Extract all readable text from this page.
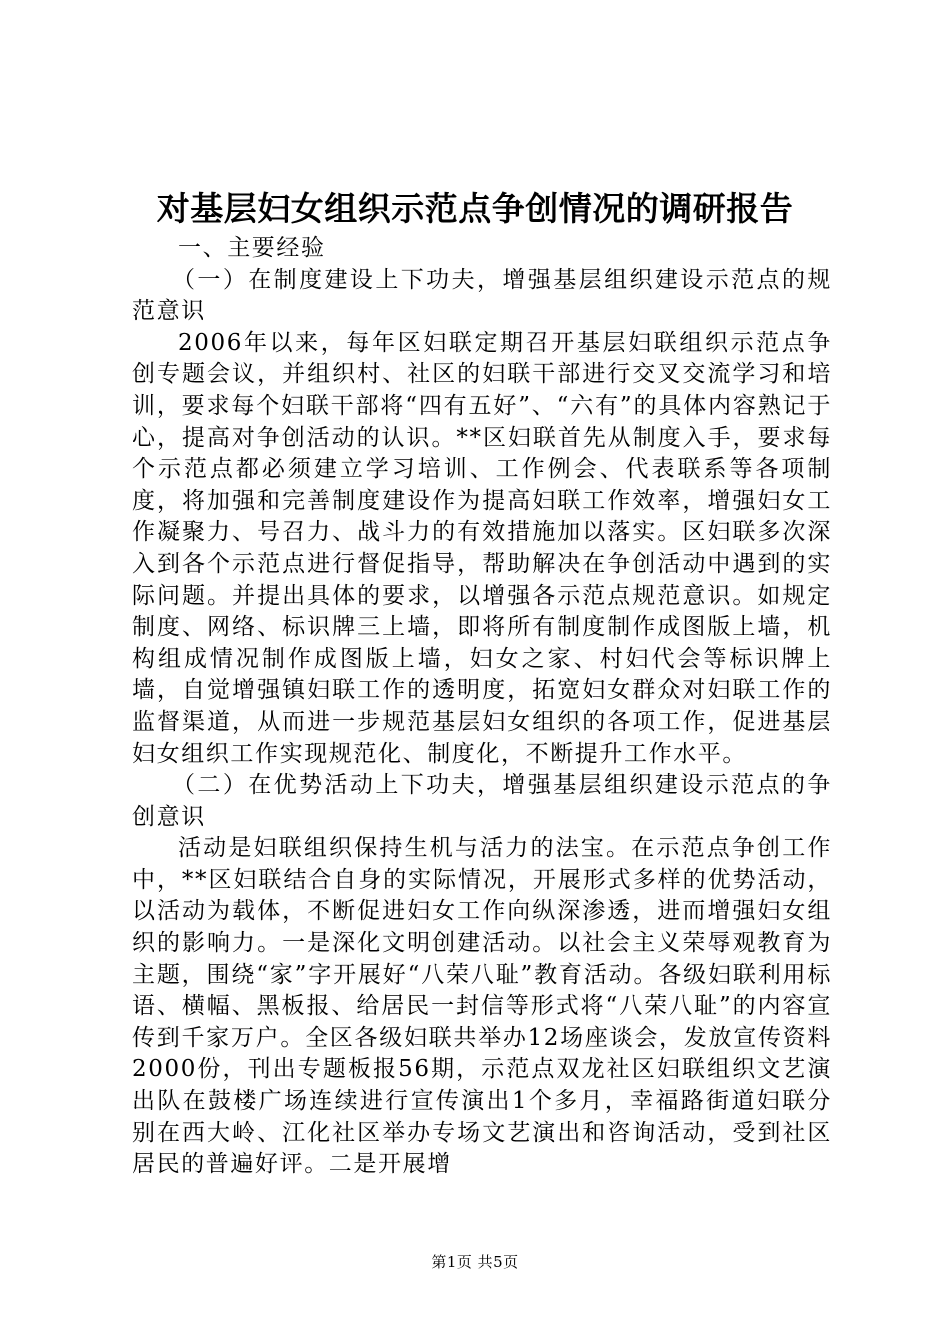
对基层妇女组织示范点争创情况的调研报告

一、主要经验

（一）在制度建设上下功夫，增强基层组织建设示范点的规范意识

2006年以来，每年区妇联定期召开基层妇联组织示范点争创专题会议，并组织村、社区的妇联干部进行交叉交流学习和培训，要求每个妇联干部将“四有五好”、“六有”的具体内容熟记于心，提高对争创活动的认识。**区妇联首先从制度入手，要求每个示范点都必须建立学习培训、工作例会、代表联系等各项制度，将加强和完善制度建设作为提高妇联工作效率，增强妇女工作凝聚力、号召力、战斗力的有效措施加以落实。区妇联多次深入到各个示范点进行督促指导，帮助解决在争创活动中遇到的实际问题。并提出具体的要求，以增强各示范点规范意识。如规定制度、网络、标识牌三上墙，即将所有制度制作成图版上墙，机构组成情况制作成图版上墙，妇女之家、村妇代会等标识牌上墙，自觉增强镇妇联工作的透明度，拓宽妇女群众对妇联工作的监督渠道，从而进一步规范基层妇女组织的各项工作，促进基层妇女组织工作实现规范化、制度化，不断提升工作水平。

（二）在优势活动上下功夫，增强基层组织建设示范点的争创意识

活动是妇联组织保持生机与活力的法宝。在示范点争创工作中，**区妇联结合自身的实际情况，开展形式多样的优势活动，以活动为载体，不断促进妇女工作向纵深渗透，进而增强妇女组织的影响力。一是深化文明创建活动。以社会主义荣辱观教育为主题，围绕“家”字开展好“八荣八耻”教育活动。各级妇联利用标语、横幅、黑板报、给居民一封信等形式将“八荣八耻”的内容宣传到千家万户。全区各级妇联共举办12场座谈会，发放宣传资料2000份，刊出专题板报56期，示范点双龙社区妇联组织文艺演出队在鼓楼广场连续进行宣传演出1个多月，幸福路街道妇联分别在西大岭、江化社区举办专场文艺演出和咨询活动，受到社区居民的普遍好评。二是开展增

第1页 共5页
